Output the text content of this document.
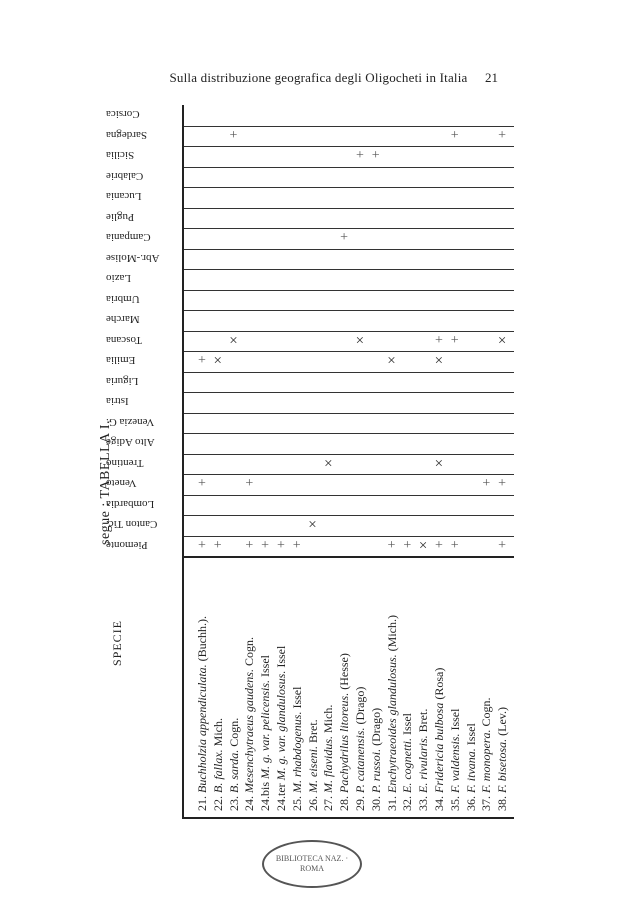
Sulla distribuzione geografica degli Oligocheti in Italia	21
segue : TABELLA I.
Corsica
Sardegna
Sicilia
Calabrie
Lucania
Puglie
Campania
Abr.-Molise
Lazio
Umbria
Marche
Toscana
Emilia
Liguria
Istria
Venezia G.
Alto Adige
Trentino
Veneto
Lombardia
Canton Tic.
Piemonte
SPECIE
21. Buchholzia appendiculata. (Buchh.).
22. B. fallax. Mich.
23. B. sarda. Cogn.
24. Mesenchytraeus gaudens. Cogn.
24.bis M. g. var. pelicensis. Issel
24.ter M. g. var. glandulosus. Issel
25. M. rhabdogenus. Issel
26. M. eiseni. Bret.
27. M. flavidus. Mich.
28. Pachydrilus litoreus. (Hesse)
29. P. catanensis. (Drago)
30. P. russoi. (Drago)
31. Enchytraeoides glandulosus. (Mich.)
32. E. cognetti. Issel
33. E. rivularis. Bret.
34. Fridericia bulbosa (Rosa)
35. F. valdensis. Issel
36. F. itvana. Issel
37. F. monopera. Cogn.
38. F. bisetosa. (Lev.)
+
+
+
+
×
×
+
+
+
+ + +
×
×
+
×
+ +
+
×
+ × +
×
×
+
+
+
+
+
+
+
×
+
BIBLIOTECA NAZ. · ROMA
